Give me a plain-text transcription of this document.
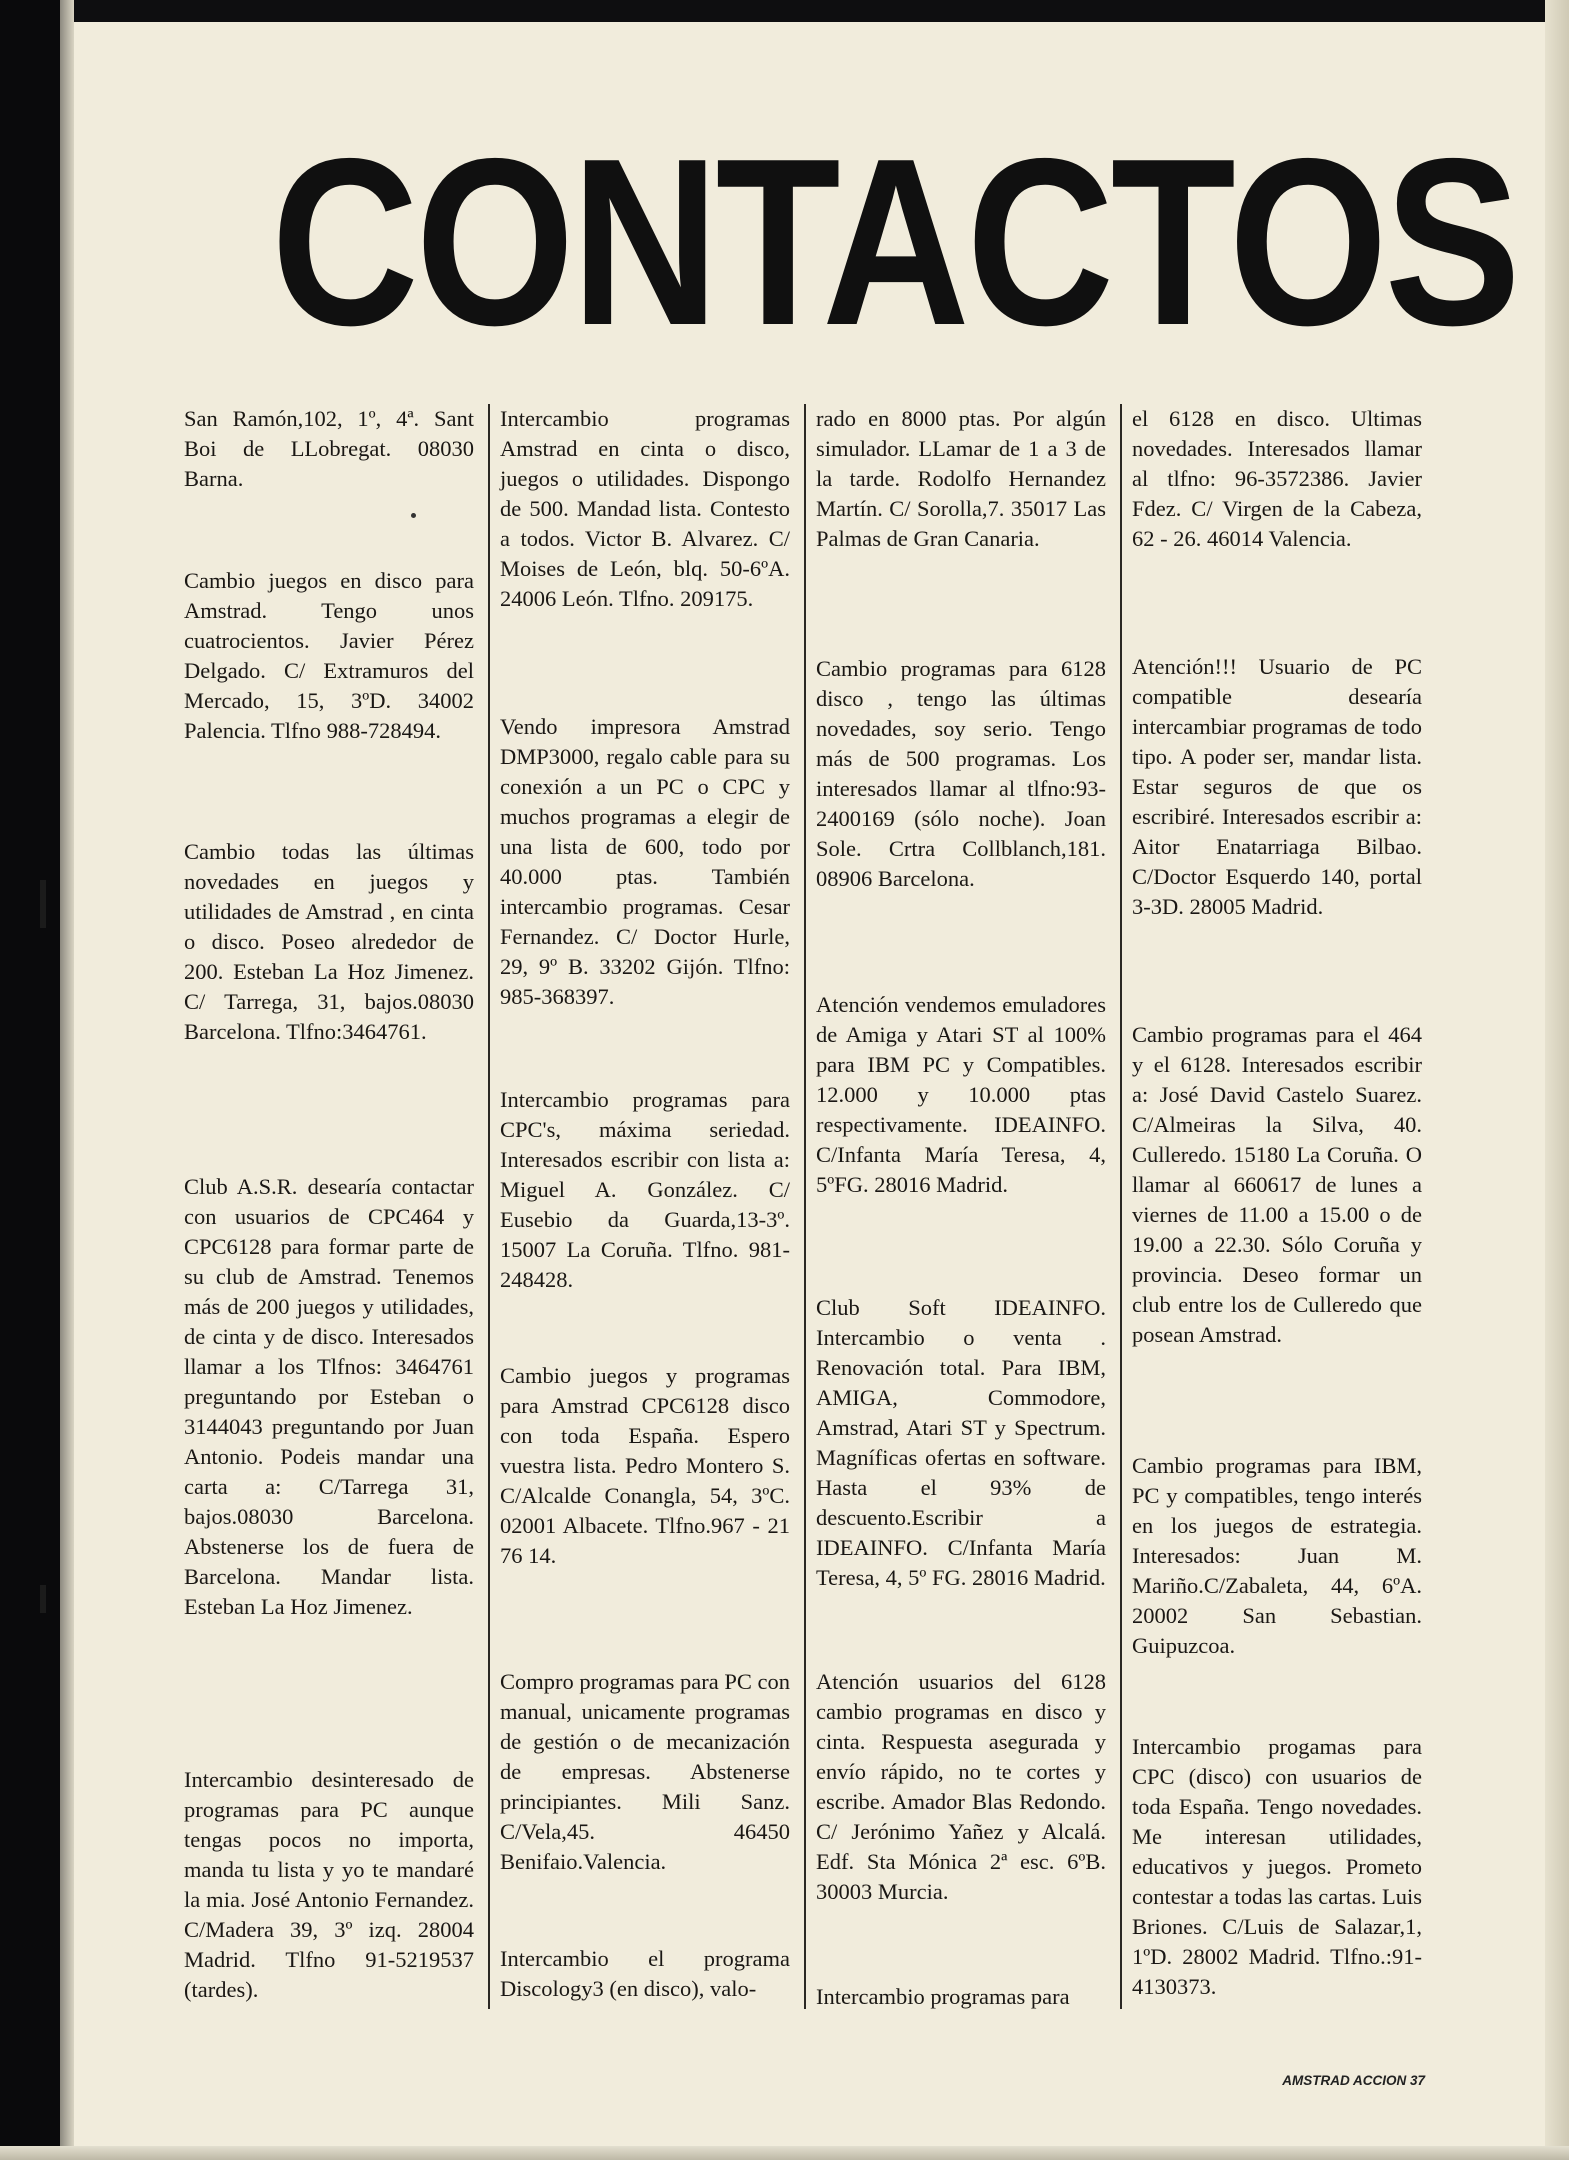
CONTACTOS

San Ramón,102, 1º, 4ª. Sant Boi de LLobregat. 08030 Barna.

Cambio juegos en disco para Amstrad. Tengo unos cuatrocientos. Javier Pérez Delgado. C/ Extramuros del Mercado, 15, 3ºD. 34002 Palencia. Tlfno 988-728494.

Cambio todas las últimas novedades en juegos y utilidades de Amstrad , en cinta o disco. Poseo alrededor de 200. Esteban La Hoz Jimenez. C/ Tarrega, 31, bajos.08030 Barcelona. Tlfno:3464761.

Club A.S.R. desearía contactar con usuarios de CPC464 y CPC6128 para formar parte de su club de Amstrad. Tenemos más de 200 juegos y utilidades, de cinta y de disco. Interesados llamar a los Tlfnos: 3464761 preguntando por Esteban o 3144043 preguntando por Juan Antonio. Podeis mandar una carta a: C/Tarrega 31, bajos.08030 Barcelona. Abstenerse los de fuera de Barcelona. Mandar lista. Esteban La Hoz Jimenez.

Intercambio desinteresado de programas para PC aunque tengas pocos no importa, manda tu lista y yo te mandaré la mia. José Antonio Fernandez. C/Madera 39, 3º izq. 28004 Madrid. Tlfno 91-5219537 (tardes).

Intercambio programas Amstrad en cinta o disco, juegos o utilidades. Dispongo de 500. Mandad lista. Contesto a todos. Victor B. Alvarez. C/ Moises de León, blq. 50-6ºA. 24006 León. Tlfno. 209175.

Vendo impresora Amstrad DMP3000, regalo cable para su conexión a un PC o CPC y muchos programas a elegir de una lista de 600, todo por 40.000 ptas. También intercambio programas. Cesar Fernandez. C/ Doctor Hurle, 29, 9º B. 33202 Gijón. Tlfno: 985-368397.

Intercambio programas para CPC's, máxima seriedad. Interesados escribir con lista a: Miguel A. González. C/ Eusebio da Guarda,13-3º. 15007 La Coruña. Tlfno. 981-248428.

Cambio juegos y programas para Amstrad CPC6128 disco con toda España. Espero vuestra lista. Pedro Montero S. C/Alcalde Conangla, 54, 3ºC. 02001 Albacete. Tlfno.967 - 21 76 14.

Compro programas para PC con manual, unicamente programas de gestión o de mecanización de empresas. Abstenerse principiantes. Mili Sanz. C/Vela,45. 46450 Benifaio.Valencia.

Intercambio el programa Discology3 (en disco), valo-

rado en 8000 ptas. Por algún simulador. LLamar de 1 a 3 de la tarde. Rodolfo Hernandez Martín. C/ Sorolla,7. 35017 Las Palmas de Gran Canaria.

Cambio programas para 6128 disco , tengo las últimas novedades, soy serio. Tengo más de 500 programas. Los interesados llamar al tlfno:93-2400169 (sólo noche). Joan Sole. Crtra Collblanch,181. 08906 Barcelona.

Atención vendemos emuladores de Amiga y Atari ST al 100% para IBM PC y Compatibles. 12.000 y 10.000 ptas respectivamente. IDEAINFO. C/Infanta María Teresa, 4, 5ºFG. 28016 Madrid.

Club Soft IDEAINFO. Intercambio o venta . Renovación total. Para IBM, AMIGA, Commodore, Amstrad, Atari ST y Spectrum. Magníficas ofertas en software. Hasta el 93% de descuento.Escribir a IDEAINFO. C/Infanta María Teresa, 4, 5º FG. 28016 Madrid.

Atención usuarios del 6128 cambio programas en disco y cinta. Respuesta asegurada y envío rápido, no te cortes y escribe. Amador Blas Redondo. C/ Jerónimo Yañez y Alcalá. Edf. Sta Mónica 2ª esc. 6ºB. 30003 Murcia.

Intercambio programas para

el 6128 en disco. Ultimas novedades. Interesados llamar al tlfno: 96-3572386. Javier Fdez. C/ Virgen de la Cabeza, 62 - 26. 46014 Valencia.

Atención!!! Usuario de PC compatible desearía intercambiar programas de todo tipo. A poder ser, mandar lista. Estar seguros de que os escribiré. Interesados escribir a: Aitor Enatarriaga Bilbao. C/Doctor Esquerdo 140, portal 3-3D. 28005 Madrid.

Cambio programas para el 464 y el 6128. Interesados escribir a: José David Castelo Suarez. C/Almeiras la Silva, 40. Culleredo. 15180 La Coruña. O llamar al 660617 de lunes a viernes de 11.00 a 15.00 o de 19.00 a 22.30. Sólo Coruña y provincia. Deseo formar un club entre los de Culleredo que posean Amstrad.

Cambio programas para IBM, PC y compatibles, tengo interés en los juegos de estrategia. Interesados: Juan M. Mariño.C/Zabaleta, 44, 6ºA. 20002 San Sebastian. Guipuzcoa.

Intercambio progamas para CPC (disco) con usuarios de toda España. Tengo novedades. Me interesan utilidades, educativos y juegos. Prometo contestar a todas las cartas. Luis Briones. C/Luis de Salazar,1, 1ºD. 28002 Madrid. Tlfno.:91-4130373.

AMSTRAD ACCION 37
